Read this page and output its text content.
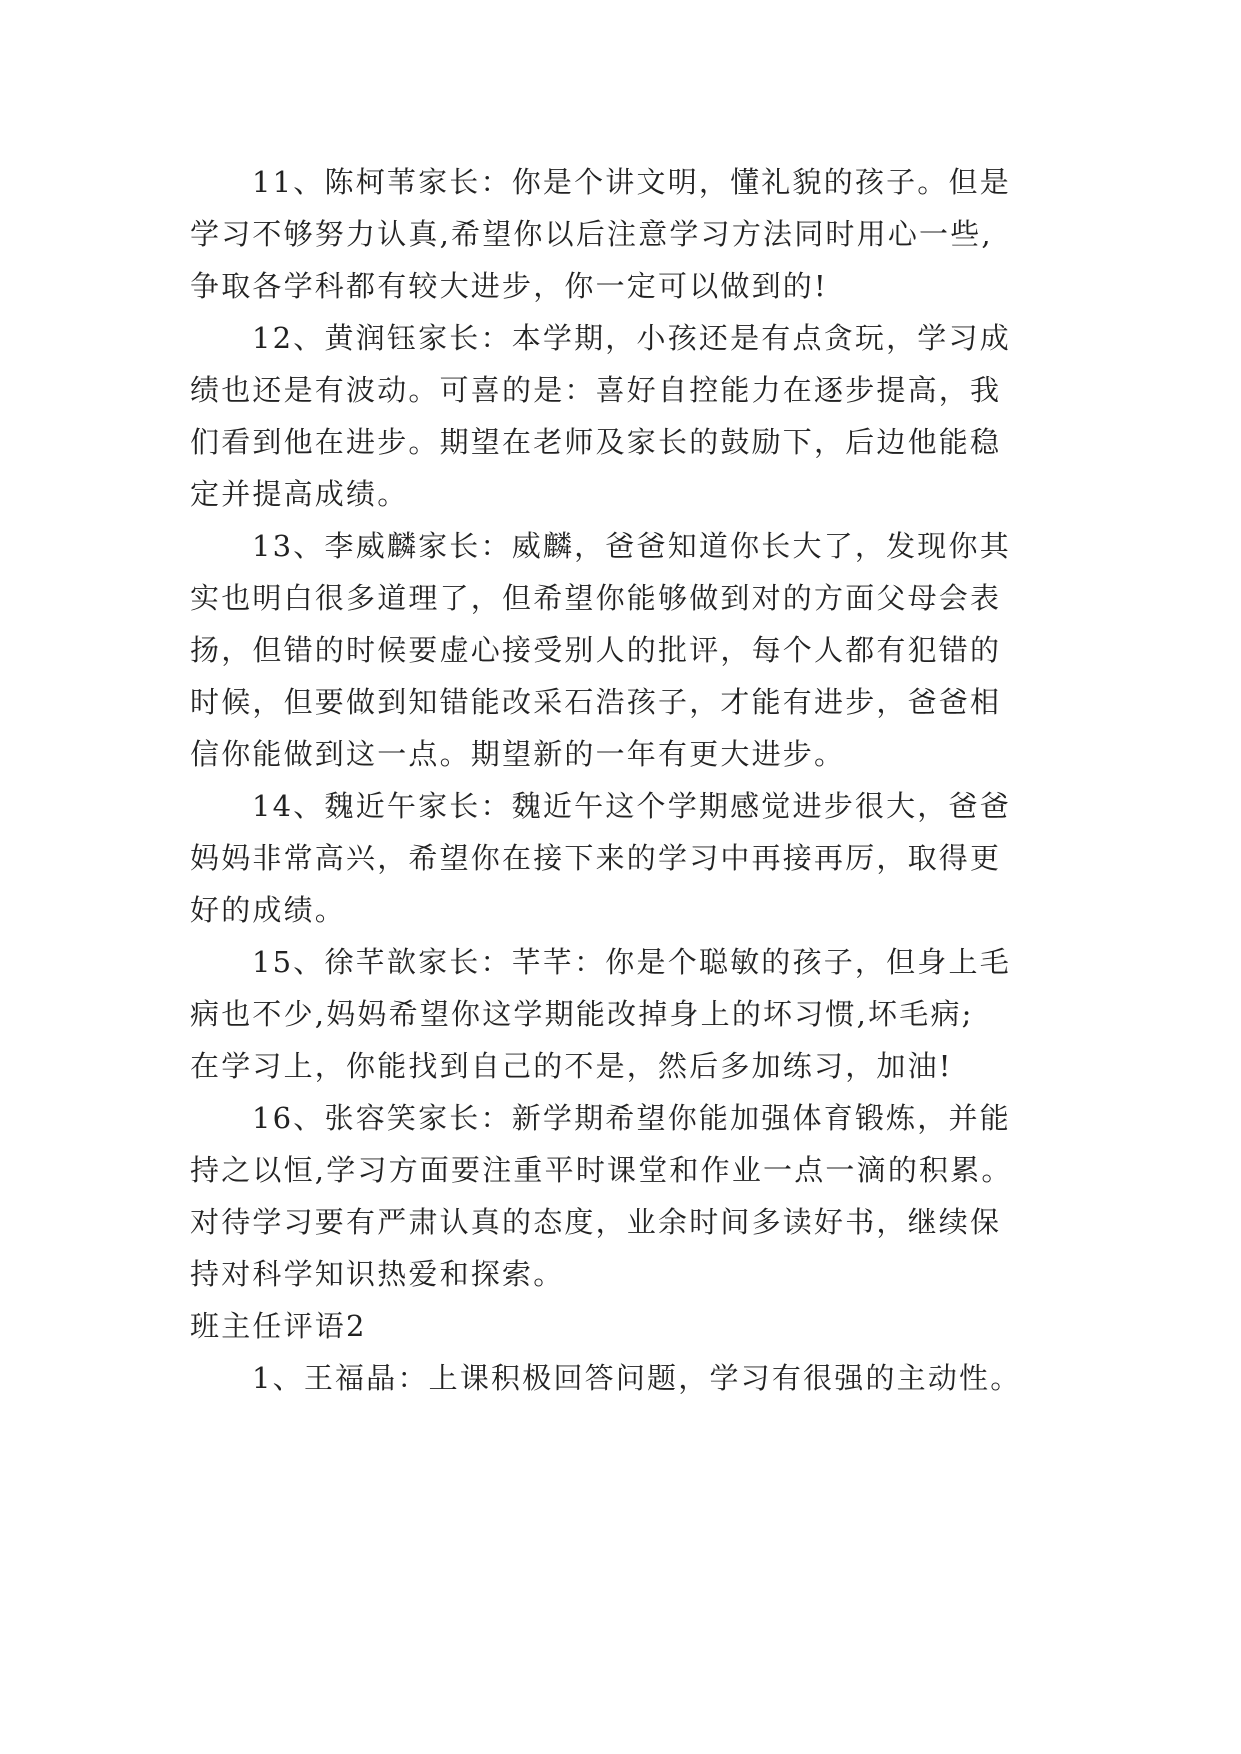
11、陈柯苇家长：你是个讲文明，懂礼貌的孩子。但是
学习不够努力认真,希望你以后注意学习方法同时用心一些,
争取各学科都有较大进步，你一定可以做到的!
12、黄润钰家长：本学期，小孩还是有点贪玩，学习成
绩也还是有波动。可喜的是：喜好自控能力在逐步提高，我
们看到他在进步。期望在老师及家长的鼓励下，后边他能稳
定并提高成绩。
13、李威麟家长：威麟，爸爸知道你长大了，发现你其
实也明白很多道理了，但希望你能够做到对的方面父母会表
扬，但错的时候要虚心接受别人的批评，每个人都有犯错的
时候，但要做到知错能改采石浩孩子，才能有进步，爸爸相
信你能做到这一点。期望新的一年有更大进步。
14、魏近午家长：魏近午这个学期感觉进步很大，爸爸
妈妈非常高兴，希望你在接下来的学习中再接再厉，取得更
好的成绩。
15、徐芊歆家长：芊芊：你是个聪敏的孩子，但身上毛
病也不少,妈妈希望你这学期能改掉身上的坏习惯,坏毛病;
在学习上，你能找到自己的不是，然后多加练习，加油!
16、张容笑家长：新学期希望你能加强体育锻炼，并能
持之以恒,学习方面要注重平时课堂和作业一点一滴的积累。
对待学习要有严肃认真的态度，业余时间多读好书，继续保
持对科学知识热爱和探索。
班主任评语2
1、王福晶：上课积极回答问题，学习有很强的主动性。
